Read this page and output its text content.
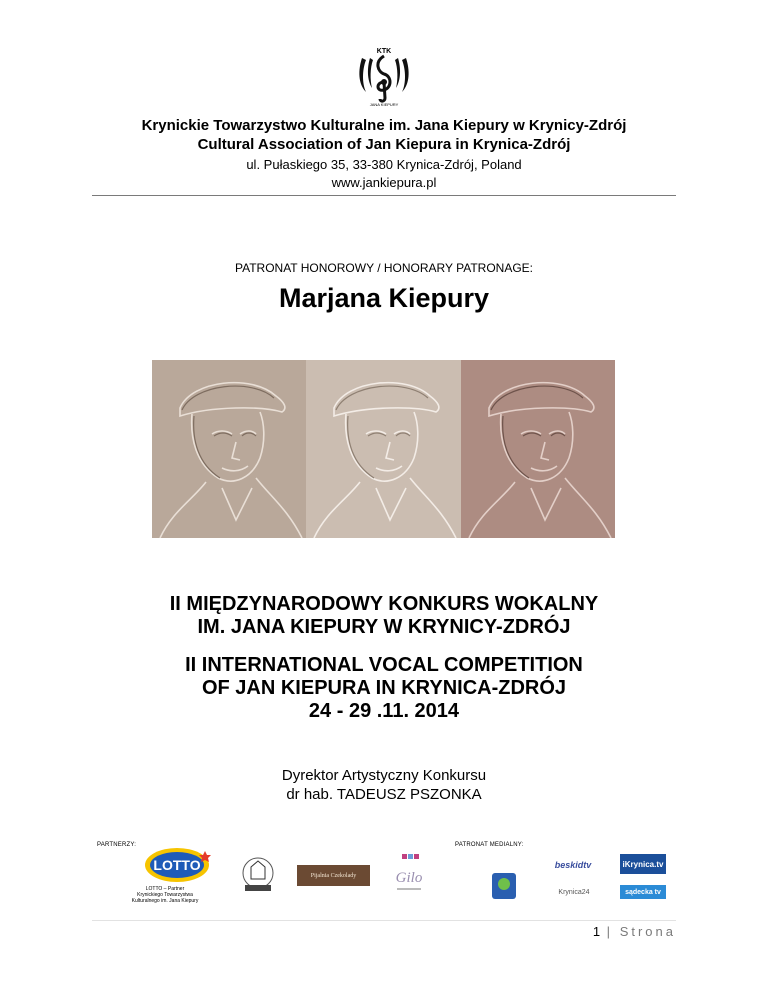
KTK
JANA KIEPURY
Krynickie Towarzystwo Kulturalne im. Jana Kiepury w Krynicy-Zdrój
Cultural Association of Jan Kiepura in Krynica-Zdrój
ul. Pułaskiego 35, 33-380 Krynica-Zdrój, Poland
www.jankiepura.pl
PATRONAT HONOROWY / HONORARY PATRONAGE:
Marjana Kiepury
II MIĘDZYNARODOWY KONKURS WOKALNY
IM. JANA KIEPURY W KRYNICY-ZDRÓJ
II INTERNATIONAL VOCAL COMPETITION
OF JAN KIEPURA IN KRYNICA-ZDRÓJ
24 - 29 .11. 2014
Dyrektor Artystyczny Konkursu
dr hab. TADEUSZ PSZONKA
PARTNERZY:
LOTTO
LOTTO – Partner
Krynickiego Towarzystwa
Kulturalnego im. Jana Kiepury
Pijalnia Czekolady	Gilo
PATRONAT MEDIALNY:
beskidtv	iKrynica.tv
Krynica24	sądecka tv
1 | Strona
